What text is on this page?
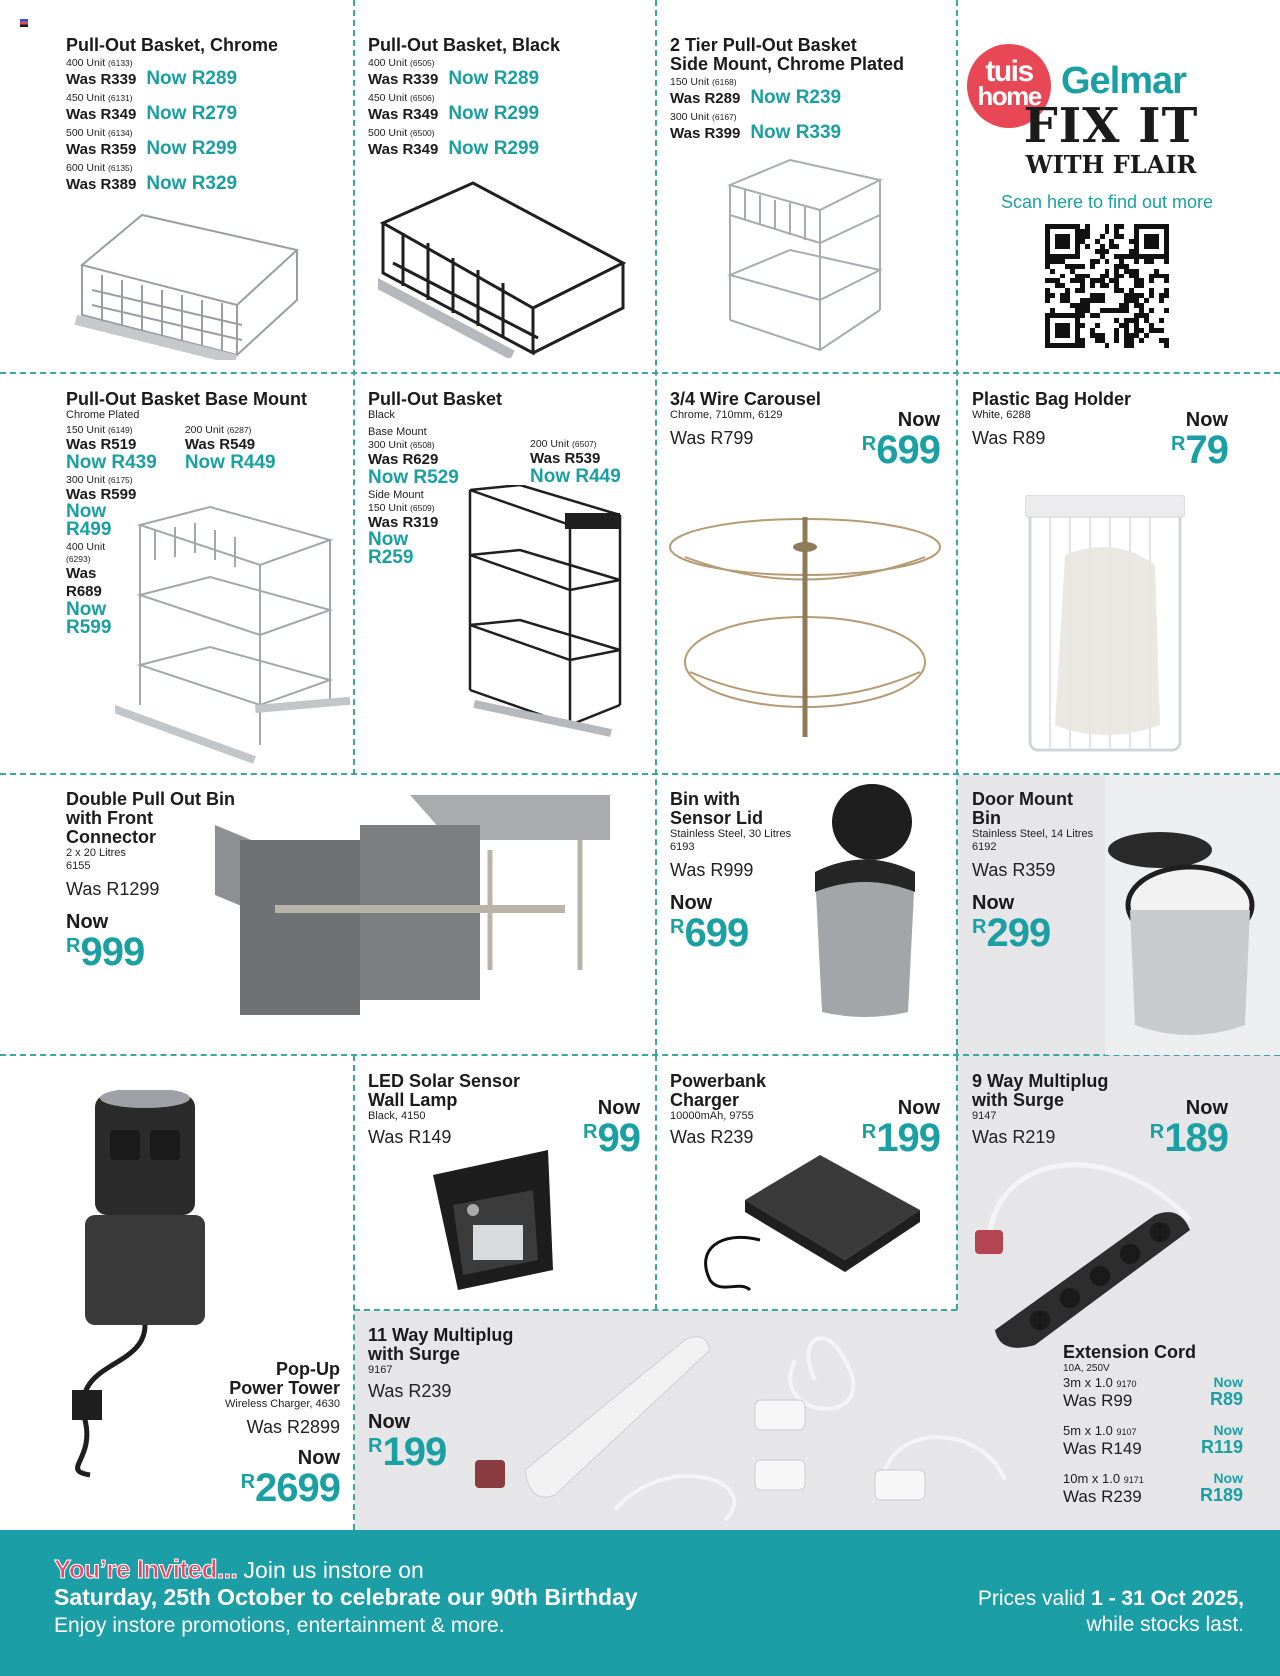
Pull-Out Basket, Chrome
400 Unit (6133)
Was R339 Now R289
450 Unit (6131)
Was R349 Now R279
500 Unit (6134)
Was R359 Now R299
600 Unit (6135)
Was R389 Now R329
Pull-Out Basket, Black
400 Unit (6505)
Was R339 Now R289
450 Unit (6506)
Was R349 Now R299
500 Unit (6500)
Was R349 Now R299
2 Tier Pull-Out Basket
Side Mount, Chrome Plated
150 Unit (6168)
Was R289 Now R239
300 Unit (6167)
Was R399 Now R339
tuis
home Gelmar
FIX IT
WITH FLAIR
Scan here to find out more
Pull-Out Basket Base Mount
Chrome Plated
150 Unit (6149)
Was R519
Now R439
200 Unit (6287)
Was R549
Now R449
300 Unit (6175)
Was R599
Now
R499
400 Unit
(6293)
Was
R689
Now
R599
Pull-Out Basket
Black
Base Mount
300 Unit (6508)
Was R629
Now R529
200 Unit (6507)
Was R539
Now R449
Side Mount
150 Unit (6509)
Was R319
Now
R259
3/4 Wire Carousel
Chrome, 710mm, 6129
Was R799
Now
R 699
Plastic Bag Holder
White, 6288
Was R89
Now
R 79
Double Pull Out Bin
with Front
Connector
2 x 20 Litres
6155
Was R1299
Now
R 999
Bin with
Sensor Lid
Stainless Steel, 30 Litres
6193
Was R999
Now
R 699
Door Mount
Bin
Stainless Steel, 14 Litres
6192
Was R359
Now
R 299
Pop-Up
Power Tower
Wireless Charger, 4630
Was R2899
Now
R 2699
LED Solar Sensor
Wall Lamp
Black, 4150
Was R149
Now
R 99
Powerbank
Charger
10000mAh, 9755
Was R239
Now
R 199
9 Way Multiplug
with Surge
9147
Was R219
Now
R 189
11 Way Multiplug
with Surge
9167
Was R239
Now
R 199
Extension Cord
10A, 250V
3m x 1.0 9170
Was R99
Now
R89
5m x 1.0 9107
Was R149
Now
R119
10m x 1.0 9171
Was R239
Now
R189
You’re Invited... Join us instore on
Saturday, 25th October to celebrate our 90th Birthday
Enjoy instore promotions, entertainment & more.
Prices valid 1 - 31 Oct 2025,
while stocks last.
